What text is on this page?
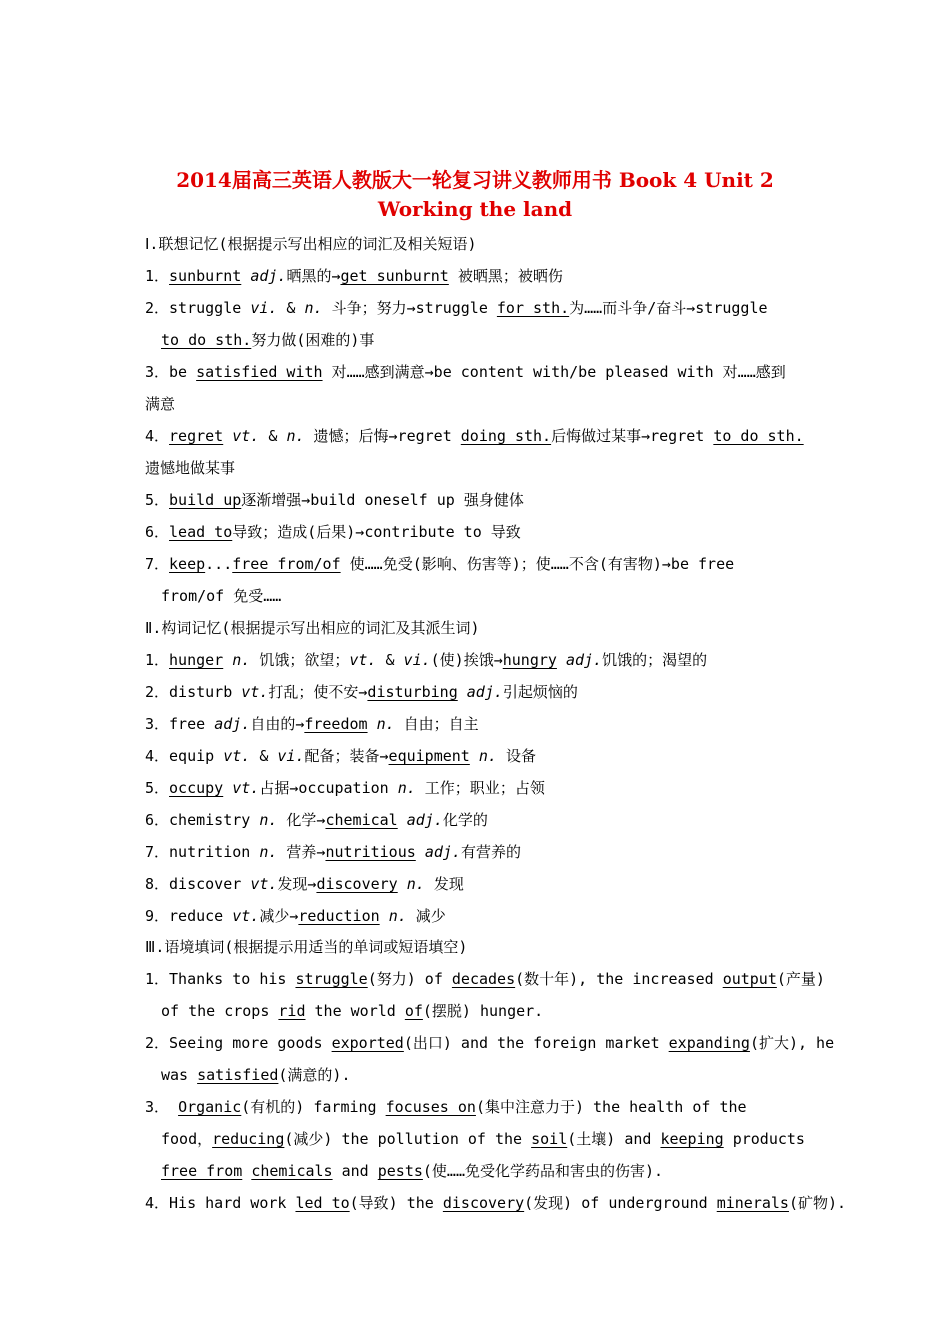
2014届高三英语人教版大一轮复习讲义教师用书 Book 4 Unit 2
Working the land
Ⅰ.联想记忆(根据提示写出相应的词汇及相关短语)
1．sunburnt adj.晒黑的→get sunburnt 被晒黑；被晒伤
2．struggle vi. & n. 斗争；努力→struggle for sth.为……而斗争/奋斗→struggle
to do sth.努力做(困难的)事
3．be satisfied with 对……感到满意→be content with/be pleased with 对……感到
满意
4．regret vt. & n. 遗憾；后悔→regret doing sth.后悔做过某事→regret to do sth.
遗憾地做某事
5．build up逐渐增强→build oneself up 强身健体
6．lead to导致；造成(后果)→contribute to 导致
7．keep...free from/of 使……免受(影响、伤害等)；使……不含(有害物)→be free
from/of 免受……
Ⅱ.构词记忆(根据提示写出相应的词汇及其派生词)
1．hunger n. 饥饿；欲望；vt. & vi.(使)挨饿→hungry adj.饥饿的；渴望的
2．disturb vt.打乱；使不安→disturbing adj.引起烦恼的
3．free adj.自由的→freedom n. 自由；自主
4．equip vt. & vi.配备；装备→equipment n. 设备
5．occupy vt.占据→occupation n. 工作；职业；占领
6．chemistry n. 化学→chemical adj.化学的
7．nutrition n. 营养→nutritious adj.有营养的
8．discover vt.发现→discovery n. 发现
9．reduce vt.减少→reduction n. 减少
Ⅲ.语境填词(根据提示用适当的单词或短语填空)
1．Thanks to his struggle(努力) of decades(数十年), the increased output(产量)
of the crops rid the world of(摆脱) hunger.
2．Seeing more goods exported(出口) and the foreign market expanding(扩大), he
was satisfied(满意的).
3． Organic(有机的) farming focuses on(集中注意力于) the health of the
food，reducing(减少) the pollution of the soil(土壤) and keeping products
free from chemicals and pests(使……免受化学药品和害虫的伤害).
4．His hard work led to(导致) the discovery(发现) of underground minerals(矿物).
